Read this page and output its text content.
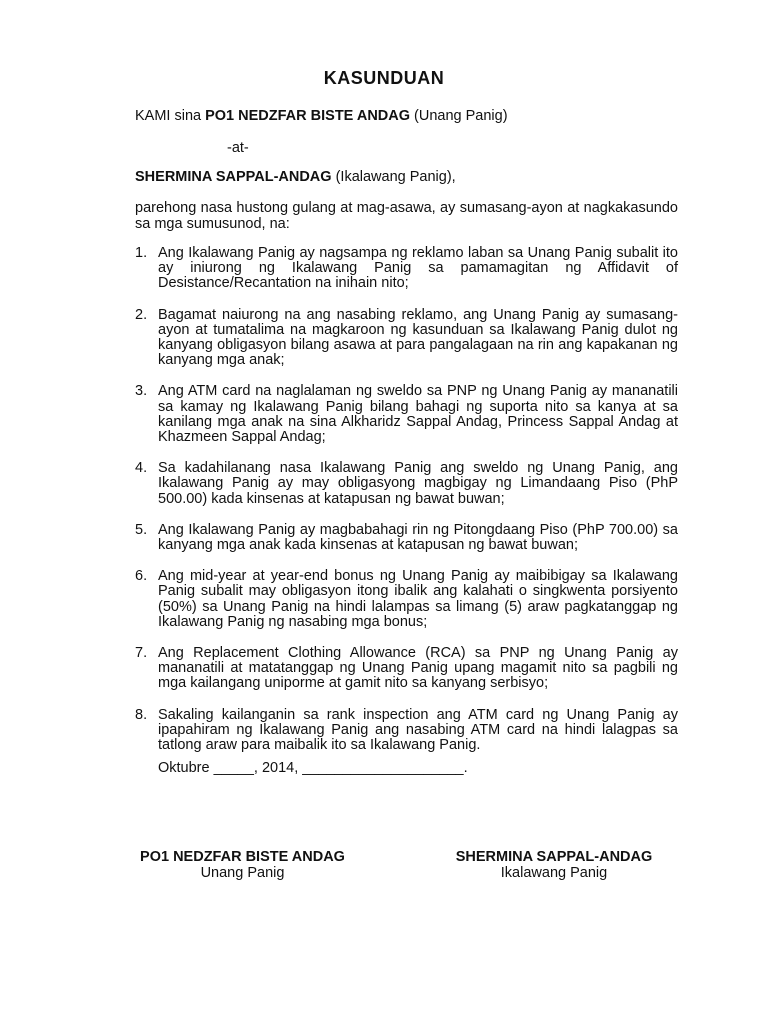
KASUNDUAN
KAMI sina PO1 NEDZFAR BISTE ANDAG (Unang Panig)
-at-
SHERMINA SAPPAL-ANDAG (Ikalawang Panig),
parehong nasa hustong gulang at mag-asawa, ay sumasang-ayon at nagkakasundo sa mga sumusunod, na:
1. Ang Ikalawang Panig ay nagsampa ng reklamo laban sa Unang Panig subalit ito ay iniurong ng Ikalawang Panig sa pamamagitan ng Affidavit of Desistance/Recantation na inihain nito;
2. Bagamat naiurong na ang nasabing reklamo, ang Unang Panig ay sumasang-ayon at tumatalima na magkaroon ng kasunduan sa Ikalawang Panig dulot ng kanyang obligasyon bilang asawa at para pangalagaan na rin ang kapakanan ng kanyang mga anak;
3. Ang ATM card na naglalaman ng sweldo sa PNP ng Unang Panig ay mananatili sa kamay ng Ikalawang Panig bilang bahagi ng suporta nito sa kanya at sa kanilang mga anak na sina Alkharidz Sappal Andag, Princess Sappal Andag at Khazmeen Sappal Andag;
4. Sa kadahilanang nasa Ikalawang Panig ang sweldo ng Unang Panig, ang Ikalawang Panig ay may obligasyong magbigay ng Limandaang Piso (PhP 500.00) kada kinsenas at katapusan ng bawat buwan;
5. Ang Ikalawang Panig ay magbabahagi rin ng Pitongdaang Piso (PhP 700.00) sa kanyang mga anak kada kinsenas at katapusan ng bawat buwan;
6. Ang mid-year at year-end bonus ng Unang Panig ay maibibigay sa Ikalawang Panig subalit may obligasyon itong ibalik ang kalahati o singkwenta porsiyento (50%) sa Unang Panig na hindi lalampas sa limang (5) araw pagkatanggap ng Ikalawang Panig ng nasabing mga bonus;
7. Ang Replacement Clothing Allowance (RCA) sa PNP ng Unang Panig ay mananatili at matatanggap ng Unang Panig upang magamit nito sa pagbili ng mga kailangang uniporme at gamit nito sa kanyang serbisyo;
8. Sakaling kailanganin sa rank inspection ang ATM card ng Unang Panig ay ipapahiram ng Ikalawang Panig ang nasabing ATM card na hindi lalagpas sa tatlong araw para maibalik ito sa Ikalawang Panig.
Oktubre _____, 2014, ____________________.
PO1 NEDZFAR BISTE ANDAG
Unang Panig
SHERMINA SAPPAL-ANDAG
Ikalawang Panig
